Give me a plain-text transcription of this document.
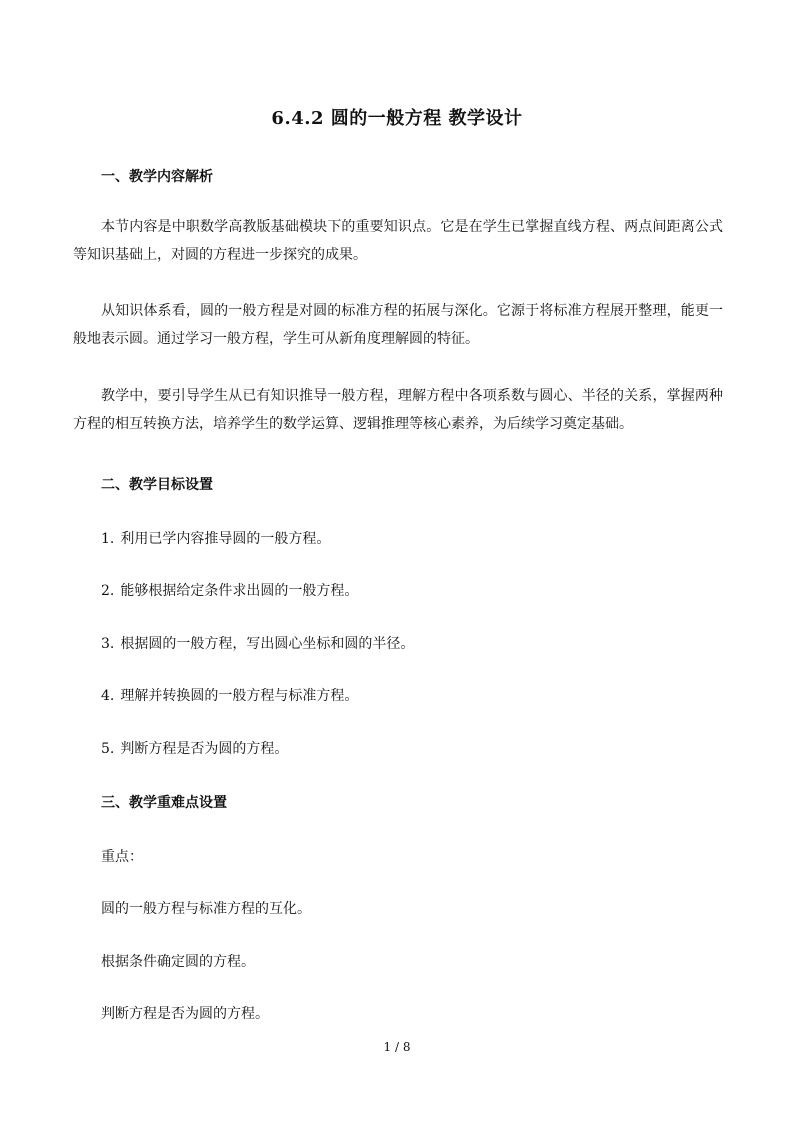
6.4.2 圆的一般方程 教学设计
一、教学内容解析
本节内容是中职数学高教版基础模块下的重要知识点。它是在学生已掌握直线方程、两点间距离公式等知识基础上，对圆的方程进一步探究的成果。
从知识体系看，圆的一般方程是对圆的标准方程的拓展与深化。它源于将标准方程展开整理，能更一般地表示圆。通过学习一般方程，学生可从新角度理解圆的特征。
教学中，要引导学生从已有知识推导一般方程，理解方程中各项系数与圆心、半径的关系，掌握两种方程的相互转换方法，培养学生的数学运算、逻辑推理等核心素养，为后续学习奠定基础。
二、教学目标设置
1. 利用已学内容推导圆的一般方程。
2. 能够根据给定条件求出圆的一般方程。
3. 根据圆的一般方程，写出圆心坐标和圆的半径。
4. 理解并转换圆的一般方程与标准方程。
5. 判断方程是否为圆的方程。
三、教学重难点设置
重点：
圆的一般方程与标准方程的互化。
根据条件确定圆的方程。
判断方程是否为圆的方程。
1 / 8
